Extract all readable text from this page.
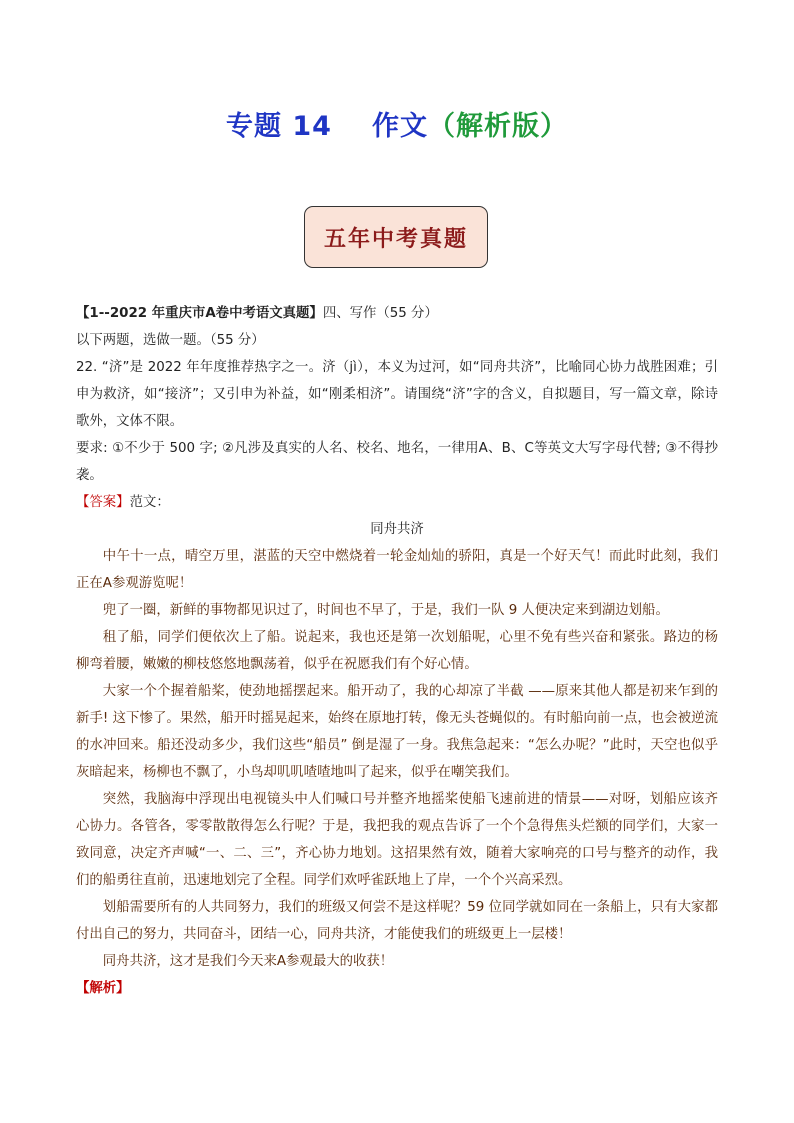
专题 14 作文（解析版）
五年中考真题

【1--2022 年重庆市A卷中考语文真题】四、写作（55 分）

以下两题，选做一题。（55 分）

22. “济”是 2022 年年度推荐热字之一。济（jì），本义为过河，如“同舟共济”，比喻同心协力战胜困难；引申为救济，如“接济”；又引申为补益，如“刚柔相济”。请围绕“济”字的含义，自拟题目，写一篇文章，除诗歌外，文体不限。

要求: ①不少于 500 字; ②凡涉及真实的人名、校名、地名，一律用A、B、C等英文大写字母代替; ③不得抄袭。

【答案】范文：

同舟共济

中午十一点，晴空万里，湛蓝的天空中燃烧着一轮金灿灿的骄阳，真是一个好天气！而此时此刻，我们正在A参观游览呢！

兜了一圈，新鲜的事物都见识过了，时间也不早了，于是，我们一队 9 人便决定来到湖边划船。

租了船，同学们便依次上了船。说起来，我也还是第一次划船呢，心里不免有些兴奋和紧张。路边的杨柳弯着腰，嫩嫩的柳枝悠悠地飘荡着，似乎在祝愿我们有个好心情。

大家一个个握着船桨，使劲地摇摆起来。船开动了，我的心却凉了半截 ——原来其他人都是初来乍到的新手! 这下惨了。果然，船开时摇晃起来，始终在原地打转，像无头苍蝇似的。有时船向前一点，也会被逆流的水冲回来。船还没动多少，我们这些“船员” 倒是湿了一身。我焦急起来：“怎么办呢？”此时，天空也似乎灰暗起来，杨柳也不飘了，小鸟却叽叽喳喳地叫了起来，似乎在嘲笑我们。

突然，我脑海中浮现出电视镜头中人们喊口号并整齐地摇桨使船飞速前进的情景——对呀，划船应该齐心协力。各管各，零零散散得怎么行呢？于是，我把我的观点告诉了一个个急得焦头烂额的同学们，大家一致同意，决定齐声喊“一、二、三”，齐心协力地划。这招果然有效，随着大家响亮的口号与整齐的动作，我们的船勇往直前，迅速地划完了全程。同学们欢呼雀跃地上了岸，一个个兴高采烈。

划船需要所有的人共同努力，我们的班级又何尝不是这样呢？59 位同学就如同在一条船上，只有大家都付出自己的努力，共同奋斗，团结一心，同舟共济，才能使我们的班级更上一层楼！

同舟共济，这才是我们今天来A参观最大的收获！

【解析】
